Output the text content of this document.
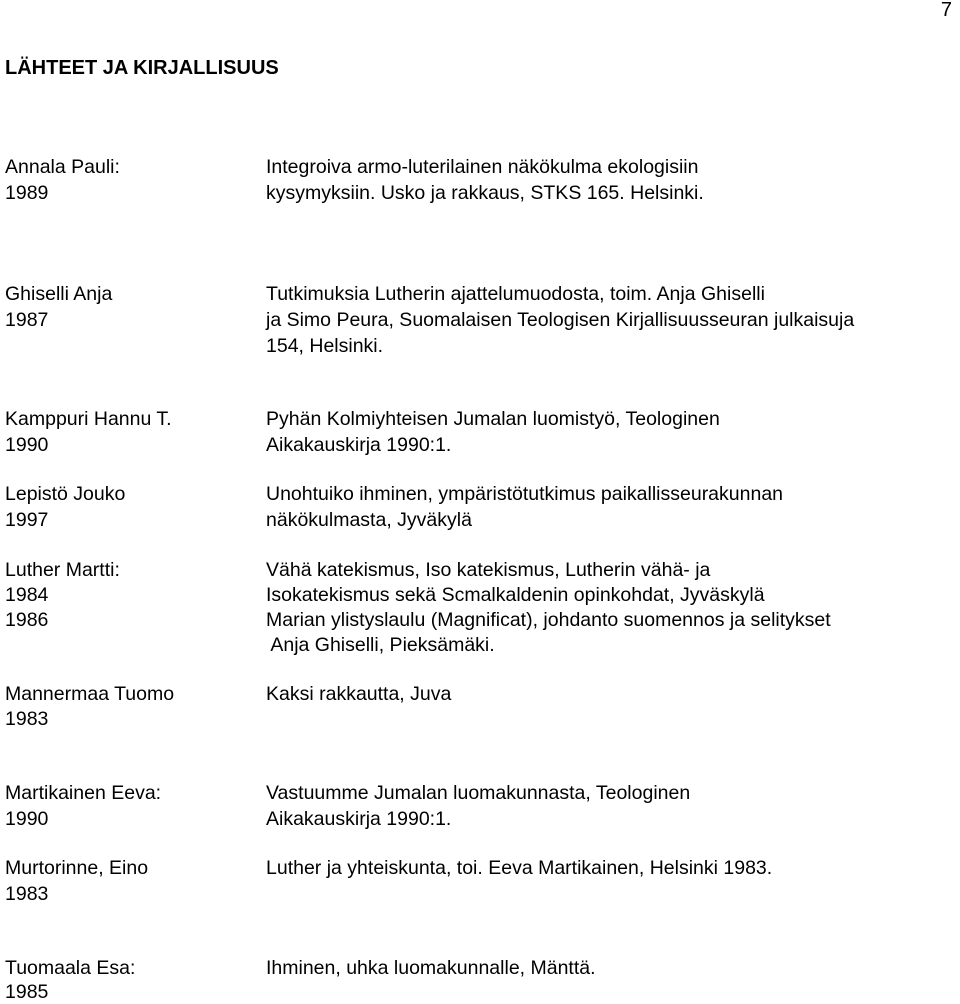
7
LÄHTEET JA KIRJALLISUUS
Annala Pauli:
1989
Integroiva armo-luterilainen näkökulma ekologisiin
kysymyksiin. Usko ja rakkaus, STKS 165. Helsinki.
Ghiselli Anja
1987
Tutkimuksia Lutherin ajattelumuodosta, toim. Anja Ghiselli
ja Simo Peura, Suomalaisen Teologisen Kirjallisuusseuran julkaisuja
154, Helsinki.
Kamppuri Hannu T.
1990
Pyhän Kolmiyhteisen Jumalan luomistyö, Teologinen
Aikakauskirja 1990:1.
Lepistö Jouko
1997
Unohtuiko ihminen, ympäristötutkimus paikallisseurakunnan
näkökulmasta, Jyväkylä
Luther Martti:
1984
1986
Vähä katekismus, Iso katekismus, Lutherin vähä- ja
Isokatekismus sekä Scmalkaldenin opinkohdat, Jyväskylä
Marian ylistyslaulu (Magnificat), johdanto suomennos ja selitykset
Anja Ghiselli, Pieksämäki.
Mannermaa Tuomo
1983
Kaksi rakkautta, Juva
Martikainen Eeva:
1990
Vastuumme Jumalan luomakunnasta, Teologinen
Aikakauskirja 1990:1.
Murtorinne, Eino
1983
Luther ja yhteiskunta, toi. Eeva Martikainen, Helsinki 1983.
Tuomaala Esa:
1985
Ihminen, uhka luomakunnalle, Mänttä.
